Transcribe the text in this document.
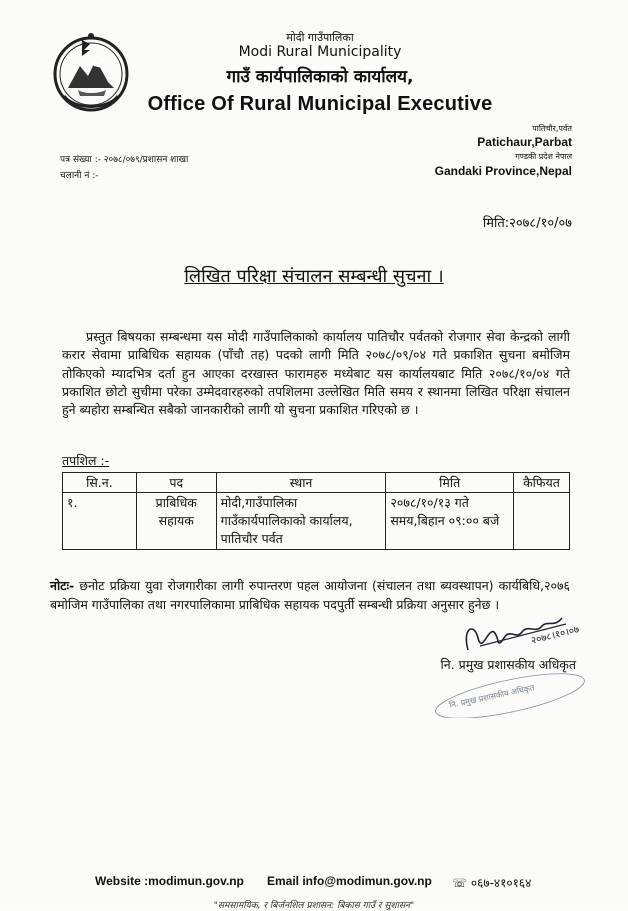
मोदी गाउँपालिका
Modi Rural Municipality
गाउँ कार्यपालिकाको कार्यालय,
Office Of Rural Municipal Executive
पातिचौर,पर्वत
Patichaur,Parbat
गण्डकी प्रदेश नेपाल
Gandaki Province,Nepal
पत्र संख्या :- २०७८/०७९/प्रशासन शाखा
चलानी नं :-
मिति:२०७८/१०/०७
लिखित परिक्षा संचालन सम्बन्धी सुचना ।

प्रस्तुत बिषयका सम्बन्धमा यस मोदी गाउँपालिकाको कार्यालय पातिचौर पर्वतको रोजगार सेवा केन्द्रको लागी करार सेवामा प्राबिधिक सहायक (पाँचौ तह) पदको लागी मिति २०७८/०९/०४ गते प्रकाशित सुचना बमोजिम तोकिएको म्यादभित्र दर्ता हुन आएका दरखास्त फारामहरु मध्येबाट यस कार्यालयबाट मिति २०७८/१०/०४ गते प्रकाशित छोटो सुचीमा परेका उम्मेदवारहरुको तपशिलमा उल्लेखित मिति समय र स्थानमा लिखित परिक्षा संचालन हुने ब्यहोरा सम्बन्धित सबैको जानकारीको लागी यो सुचना प्रकाशित गरिएको छ ।

तपशिल :-
सि.न.	पद	स्थान	मिति	कैफियत
१.	प्राबिधिक सहायक	मोदी,गाउँपालिका गाउँकार्यपालिकाको कार्यालय, पातिचौर पर्वत	२०७८/१०/१३ गते समय,बिहान ०९:०० बजे	
नोटः- छनोट प्रक्रिया युवा रोजगारीका लागी रुपान्तरण पहल आयोजना (संचालन तथा ब्यवस्थापन) कार्यबिधि,२०७६ बमोजिम गाउँपालिका तथा नगरपालिकामा प्राबिधिक सहायक पदपुर्ती सम्बन्धी प्रक्रिया अनुसार हुनेछ ।
२०७८।१०।०७
नि. प्रमुख प्रशासकीय अधिकृत
नि. प्रमुख प्रशासकीय अधिकृत
Website :modimun.gov.np Email info@modimun.gov.np ☏ ०६७-४१०१६४
"समसामयिक, र बिर्जनशिल प्रशासन: बिकास गाउँ र सुशासन"
